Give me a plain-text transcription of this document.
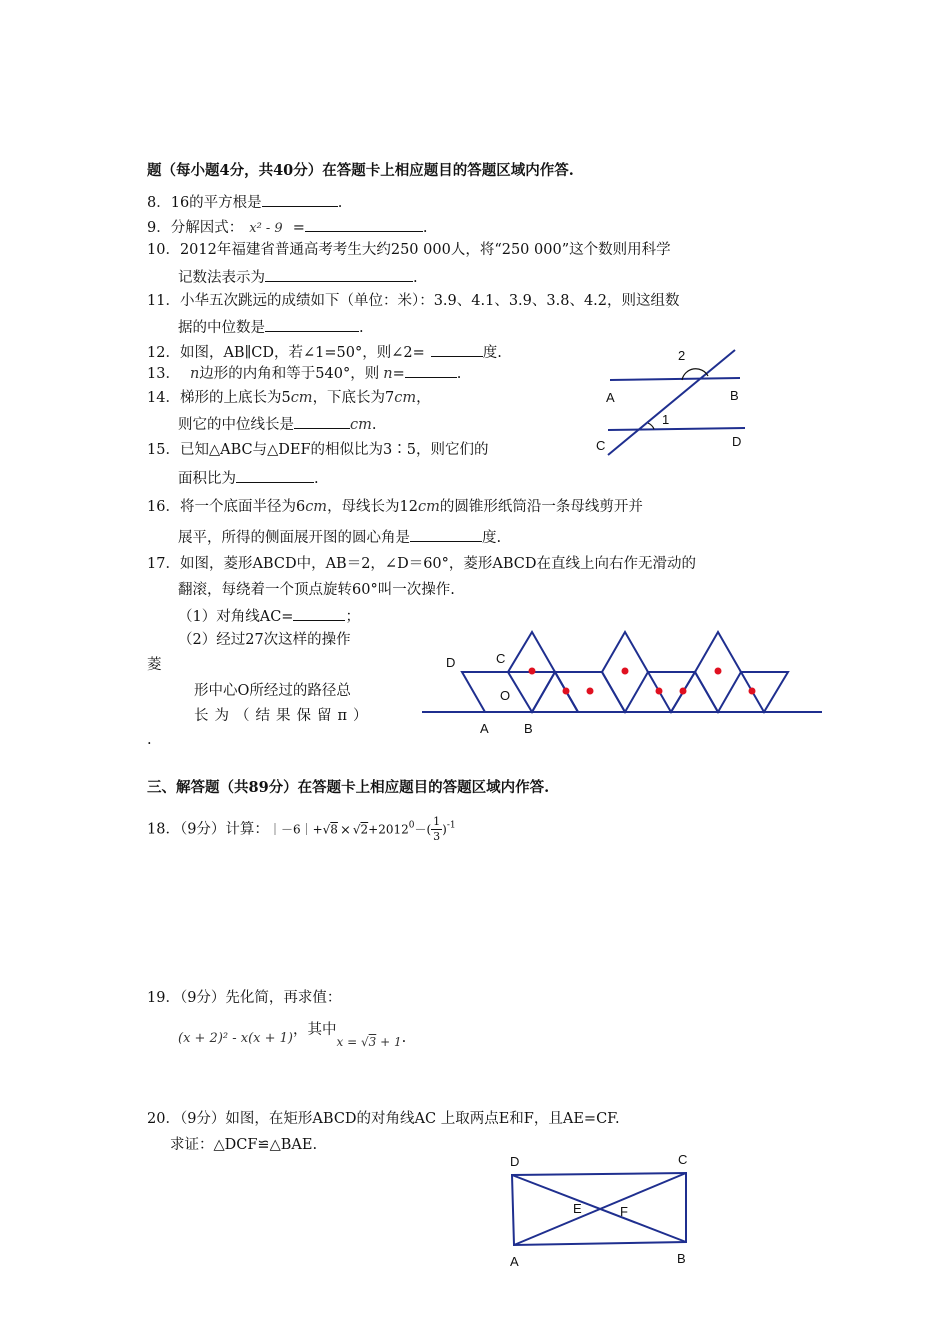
题（每小题4分，共40分）在答题卡上相应题目的答题区域内作答.
8．16的平方根是	.
9．分解因式： x² - 9 =	.
10．2012年福建省普通高考考生大约250 000人，将“250 000”这个数则用科学
记数法表示为	.
11．小华五次跳远的成绩如下（单位：米）：3.9、4.1、3.9、3.8、4.2，则这组数
据的中位数是	.
12．如图，AB∥CD，若∠1=50°，则∠2=	度.
13． n边形的内角和等于540°，则 n=	.
14．梯形的上底长为5cm，下底长为7cm，
则它的中位线长是	cm.
15．已知△ABC与△DEF的相似比为3∶5，则它们的
面积比为	.
2
A	B
1
C	D
16．将一个底面半径为6cm，母线长为12cm的圆锥形纸筒沿一条母线剪开并
展平，所得的侧面展开图的圆心角是	度.
17．如图，菱形ABCD中，AB＝2，∠D＝60°，菱形ABCD在直线上向右作无滑动的
翻滚，每绕着一个顶点旋转60°叫一次操作.
（1）对角线AC=	；
（2）经过27次这样的操作
菱
形中心O所经过的路径总
长为（结果保留π）
.
D	C
O
A	B
三、解答题（共89分）在答题卡上相应题目的答题区域内作答.
18．（9分）计算：｜－6｜+√8 × $√2+2012^0-( \frac{1}{3} )^{-1}$
19．（9分）先化简，再求值：
(x + 2)² - x(x + 1)，其中$_{x =}$ $_{√3}$ $_{+ 1}$.
20．（9分）如图，在矩形ABCD的对角线AC 上取两点E和F，且AE=CF.
求证：△DCF≌△BAE.
D	C
E	F
A	B
